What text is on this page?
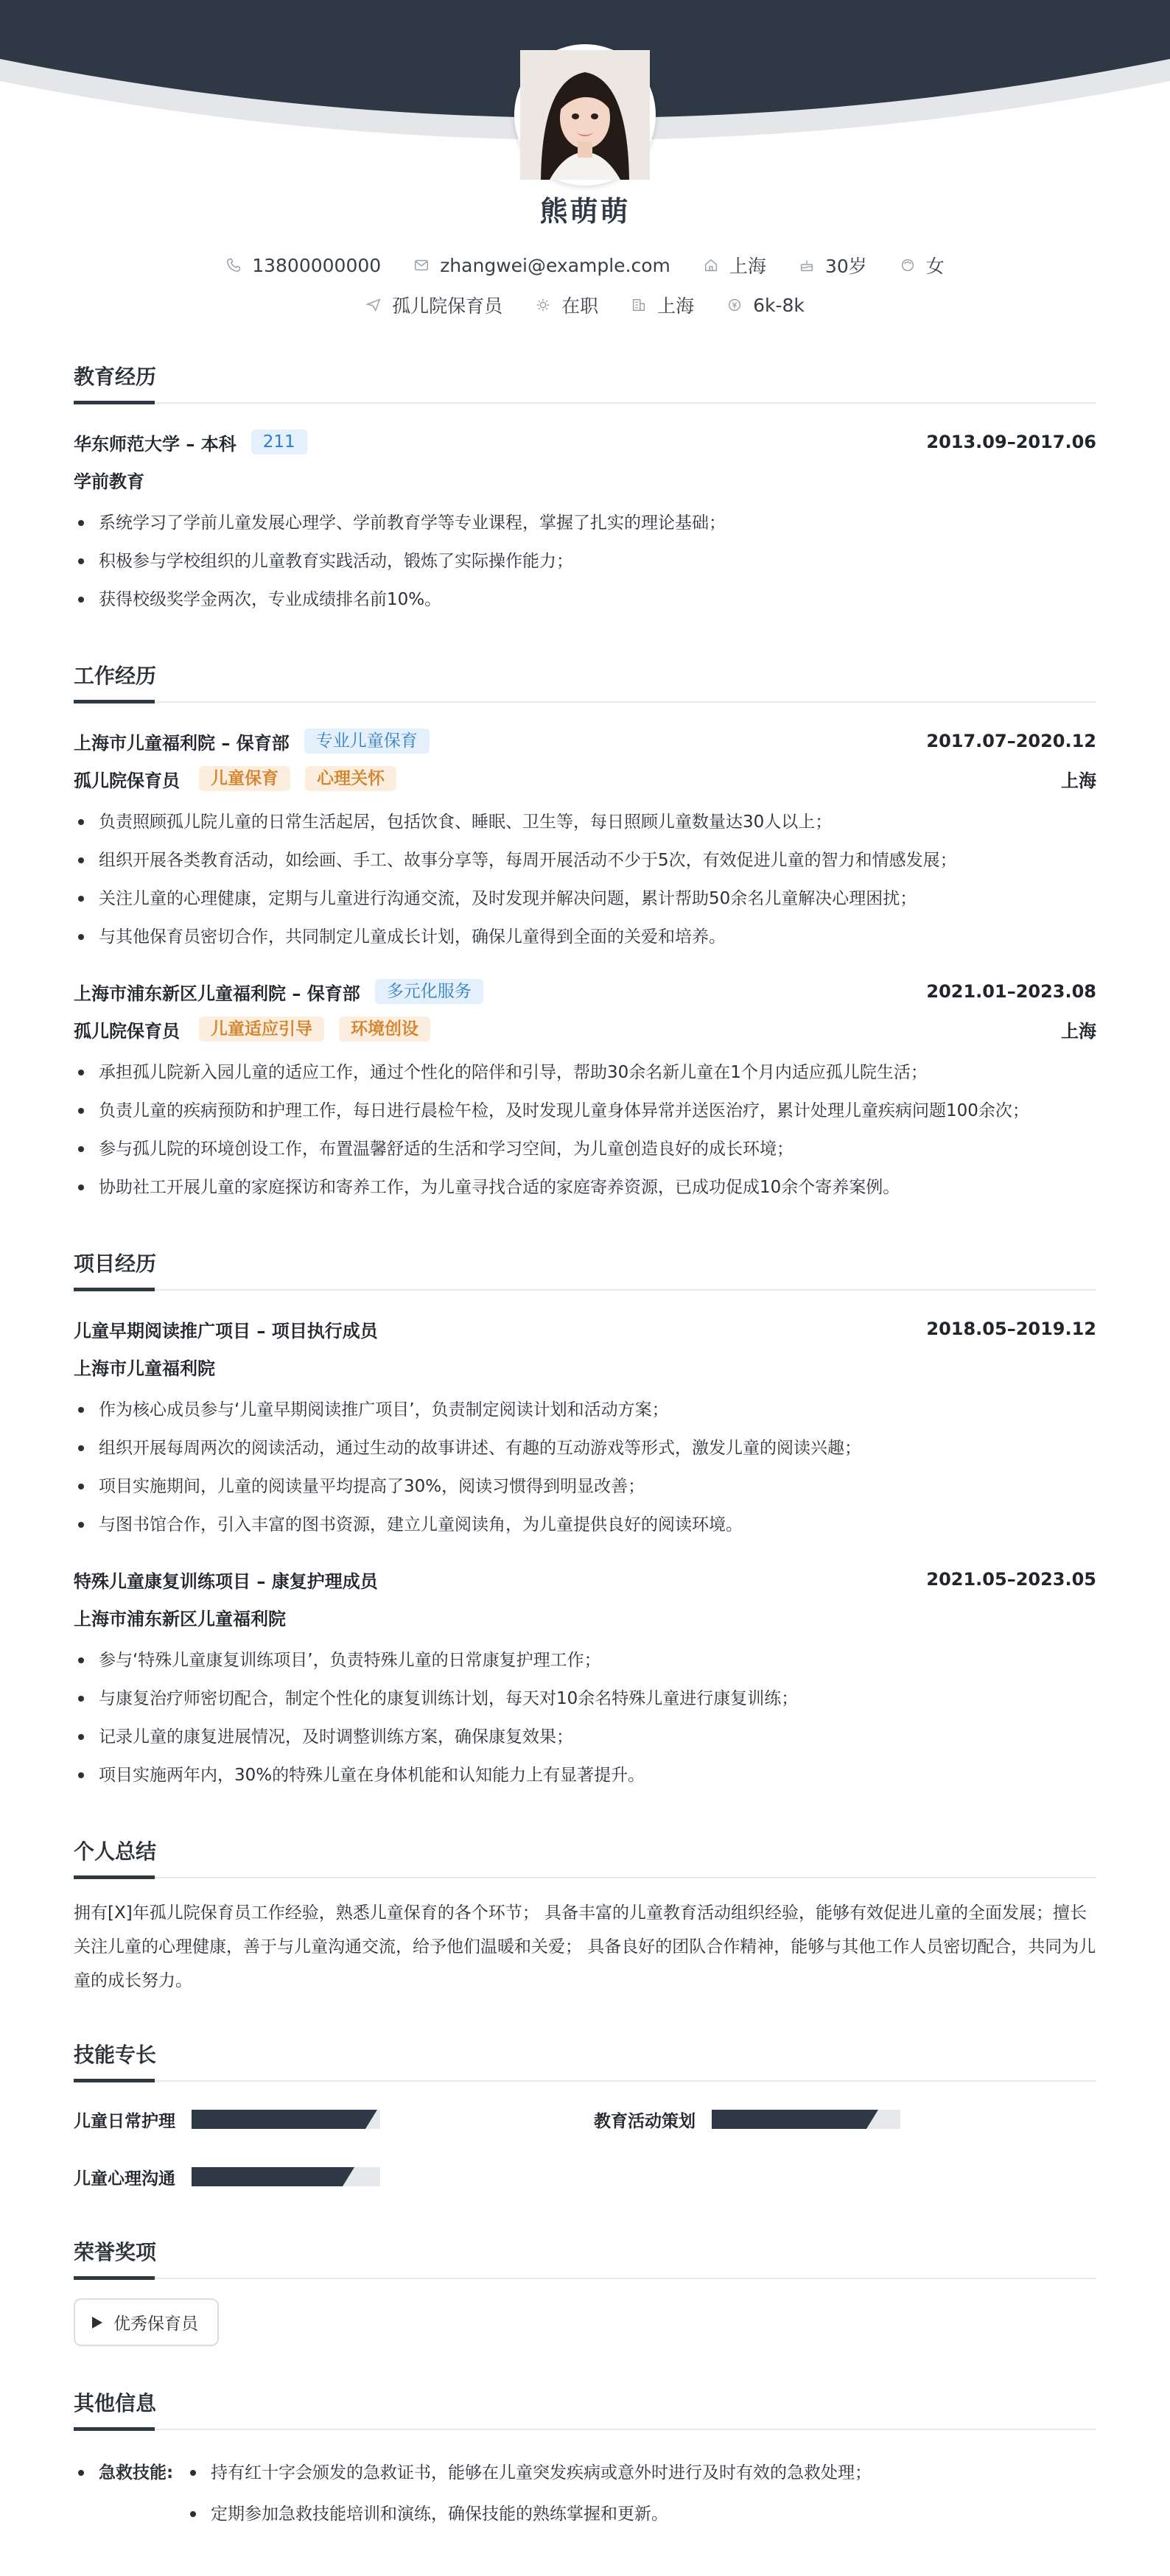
熊萌萌
13800000000	zhangwei@example.com	上海	30岁	女
孤儿院保育员	在职	上海	6k-8k
教育经历
华东师范大学 – 本科	211	2013.09–2017.06
学前教育
系统学习了学前儿童发展心理学、学前教育学等专业课程，掌握了扎实的理论基础；
积极参与学校组织的儿童教育实践活动，锻炼了实际操作能力；
获得校级奖学金两次，专业成绩排名前10%。
工作经历
上海市儿童福利院 – 保育部	专业儿童保育	2017.07–2020.12
孤儿院保育员	儿童保育	心理关怀	上海
负责照顾孤儿院儿童的日常生活起居，包括饮食、睡眠、卫生等，每日照顾儿童数量达30人以上；
组织开展各类教育活动，如绘画、手工、故事分享等，每周开展活动不少于5次，有效促进儿童的智力和情感发展；
关注儿童的心理健康，定期与儿童进行沟通交流，及时发现并解决问题，累计帮助50余名儿童解决心理困扰；
与其他保育员密切合作，共同制定儿童成长计划，确保儿童得到全面的关爱和培养。
上海市浦东新区儿童福利院 – 保育部	多元化服务	2021.01–2023.08
孤儿院保育员	儿童适应引导	环境创设	上海
承担孤儿院新入园儿童的适应工作，通过个性化的陪伴和引导，帮助30余名新儿童在1个月内适应孤儿院生活；
负责儿童的疾病预防和护理工作，每日进行晨检午检，及时发现儿童身体异常并送医治疗，累计处理儿童疾病问题100余次；
参与孤儿院的环境创设工作，布置温馨舒适的生活和学习空间，为儿童创造良好的成长环境；
协助社工开展儿童的家庭探访和寄养工作，为儿童寻找合适的家庭寄养资源，已成功促成10余个寄养案例。
项目经历
儿童早期阅读推广项目 – 项目执行成员	2018.05–2019.12
上海市儿童福利院
作为核心成员参与‘儿童早期阅读推广项目’，负责制定阅读计划和活动方案；
组织开展每周两次的阅读活动，通过生动的故事讲述、有趣的互动游戏等形式，激发儿童的阅读兴趣；
项目实施期间，儿童的阅读量平均提高了30%，阅读习惯得到明显改善；
与图书馆合作，引入丰富的图书资源，建立儿童阅读角，为儿童提供良好的阅读环境。
特殊儿童康复训练项目 – 康复护理成员	2021.05–2023.05
上海市浦东新区儿童福利院
参与‘特殊儿童康复训练项目’，负责特殊儿童的日常康复护理工作；
与康复治疗师密切配合，制定个性化的康复训练计划，每天对10余名特殊儿童进行康复训练；
记录儿童的康复进展情况，及时调整训练方案，确保康复效果；
项目实施两年内，30%的特殊儿童在身体机能和认知能力上有显著提升。
个人总结
拥有[X]年孤儿院保育员工作经验，熟悉儿童保育的各个环节； 具备丰富的儿童教育活动组织经验，能够有效促进儿童的全面发展；擅长关注儿童的心理健康，善于与儿童沟通交流，给予他们温暖和关爱； 具备良好的团队合作精神，能够与其他工作人员密切配合，共同为儿童的成长努力。
技能专长
儿童日常护理	教育活动策划
儿童心理沟通
荣誉奖项
优秀保育员
其他信息
急救技能:	持有红十字会颁发的急救证书，能够在儿童突发疾病或意外时进行及时有效的急救处理；
定期参加急救技能培训和演练，确保技能的熟练掌握和更新。
